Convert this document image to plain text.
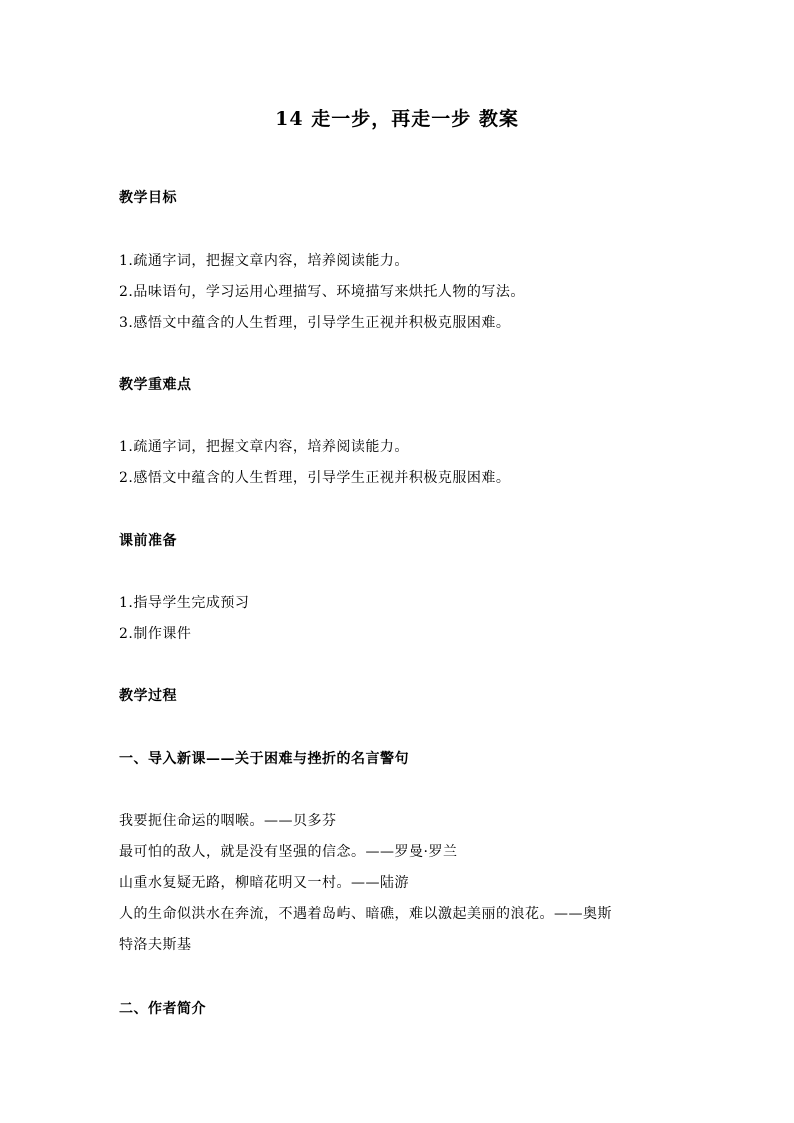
14 走一步，再走一步 教案
教学目标
1.疏通字词，把握文章内容，培养阅读能力。
2.品味语句，学习运用心理描写、环境描写来烘托人物的写法。
3.感悟文中蕴含的人生哲理，引导学生正视并积极克服困难。
教学重难点
1.疏通字词，把握文章内容，培养阅读能力。
2.感悟文中蕴含的人生哲理，引导学生正视并积极克服困难。
课前准备
1.指导学生完成预习
2.制作课件
教学过程
一、导入新课——关于困难与挫折的名言警句
我要扼住命运的咽喉。——贝多芬
最可怕的敌人，就是没有坚强的信念。——罗曼·罗兰
山重水复疑无路，柳暗花明又一村。——陆游
人的生命似洪水在奔流，不遇着岛屿、暗礁，难以激起美丽的浪花。——奥斯
特洛夫斯基
二、作者简介
